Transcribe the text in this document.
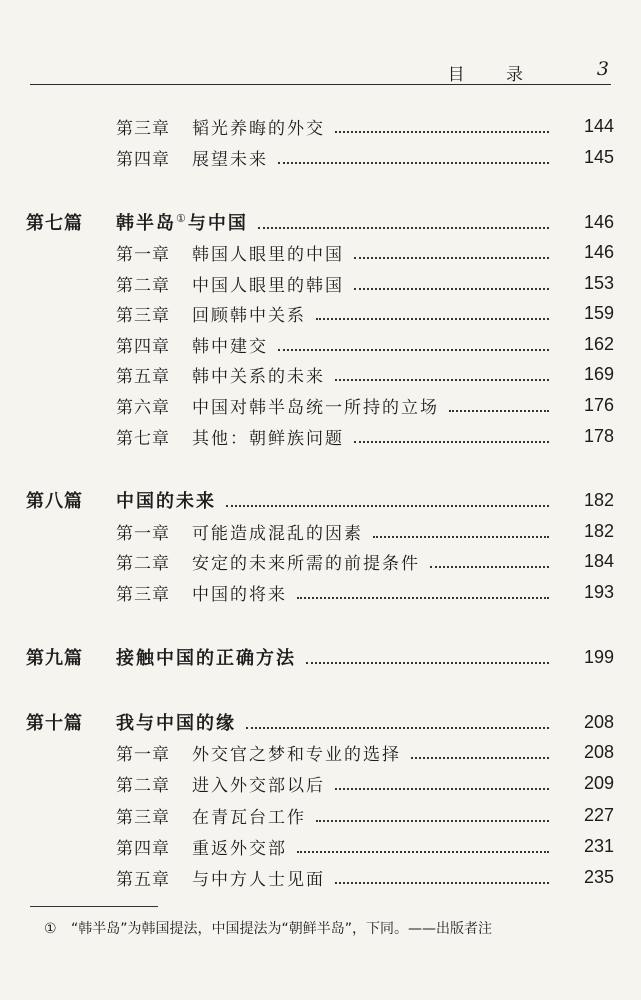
目 录	3
第三章 韬光养晦的外交	144
第四章 展望未来	145
第七篇 韩半岛①与中国	146
第一章 韩国人眼里的中国	146
第二章 中国人眼里的韩国	153
第三章 回顾韩中关系	159
第四章 韩中建交	162
第五章 韩中关系的未来	169
第六章 中国对韩半岛统一所持的立场	176
第七章 其他：朝鲜族问题	178
第八篇 中国的未来	182
第一章 可能造成混乱的因素	182
第二章 安定的未来所需的前提条件	184
第三章 中国的将来	193
第九篇 接触中国的正确方法	199
第十篇 我与中国的缘	208
第一章 外交官之梦和专业的选择	208
第二章 进入外交部以后	209
第三章 在青瓦台工作	227
第四章 重返外交部	231
第五章 与中方人士见面	235
① “韩半岛”为韩国提法，中国提法为“朝鲜半岛”，下同。——出版者注
